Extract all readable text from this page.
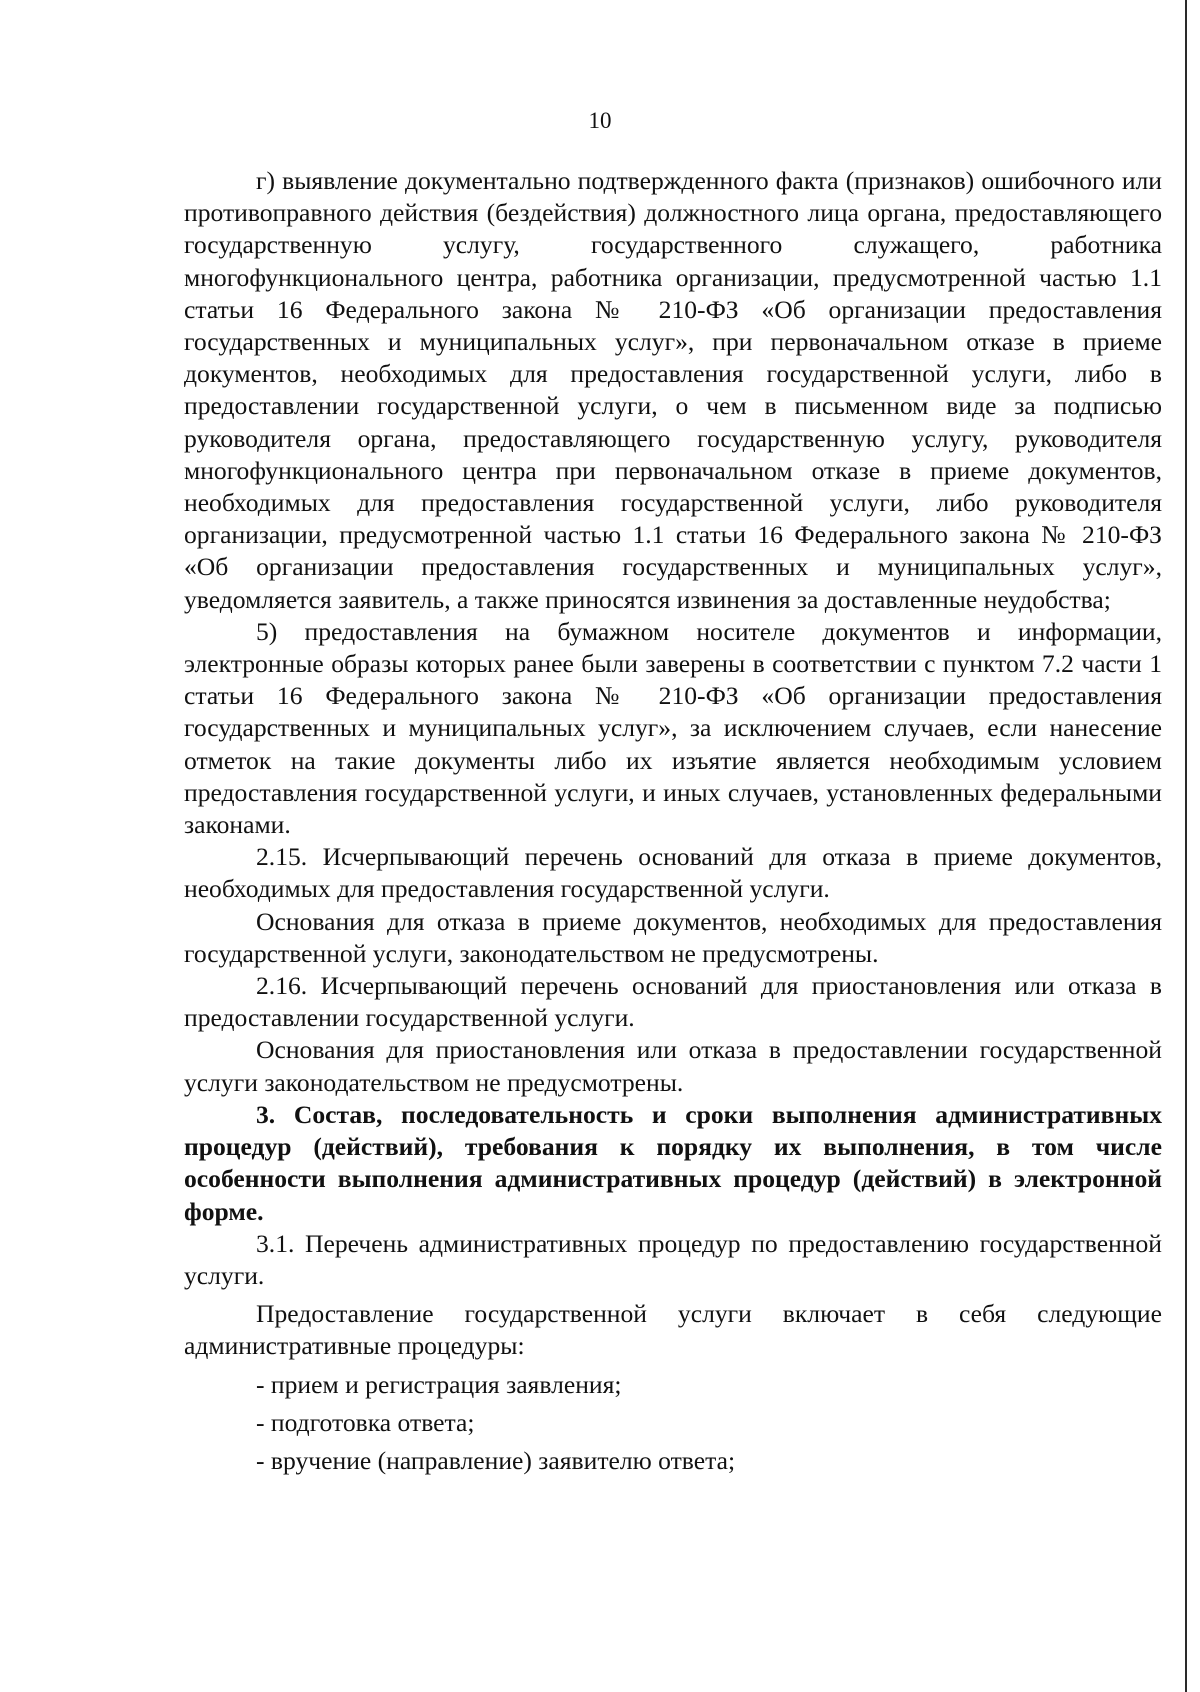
10

г) выявление документально подтвержденного факта (признаков) ошибочного или противоправного действия (бездействия) должностного лица органа, предоставляющего государственную услугу, государственного служащего, работника многофункционального центра, работника организации, предусмотренной частью 1.1 статьи 16 Федерального закона № 210-ФЗ «Об организации предоставления государственных и муниципальных услуг», при первоначальном отказе в приеме документов, необходимых для предоставления государственной услуги, либо в предоставлении государственной услуги, о чем в письменном виде за подписью руководителя органа, предоставляющего государственную услугу, руководителя многофункционального центра при первоначальном отказе в приеме документов, необходимых для предоставления государственной услуги, либо руководителя организации, предусмотренной частью 1.1 статьи 16 Федерального закона № 210-ФЗ «Об организации предоставления государственных и муниципальных услуг», уведомляется заявитель, а также приносятся извинения за доставленные неудобства;

5) предоставления на бумажном носителе документов и информации, электронные образы которых ранее были заверены в соответствии с пунктом 7.2 части 1 статьи 16 Федерального закона № 210-ФЗ «Об организации предоставления государственных и муниципальных услуг», за исключением случаев, если нанесение отметок на такие документы либо их изъятие является необходимым условием предоставления государственной услуги, и иных случаев, установленных федеральными законами.

2.15. Исчерпывающий перечень оснований для отказа в приеме документов, необходимых для предоставления государственной услуги.

Основания для отказа в приеме документов, необходимых для предоставления государственной услуги, законодательством не предусмотрены.

2.16. Исчерпывающий перечень оснований для приостановления или отказа в предоставлении государственной услуги.

Основания для приостановления или отказа в предоставлении государственной услуги законодательством не предусмотрены.

3. Состав, последовательность и сроки выполнения административных процедур (действий), требования к порядку их выполнения, в том числе особенности выполнения административных процедур (действий) в электронной форме.

3.1. Перечень административных процедур по предоставлению государственной услуги.

Предоставление государственной услуги включает в себя следующие административные процедуры:

- прием и регистрация заявления;

- подготовка ответа;

- вручение (направление) заявителю ответа;
